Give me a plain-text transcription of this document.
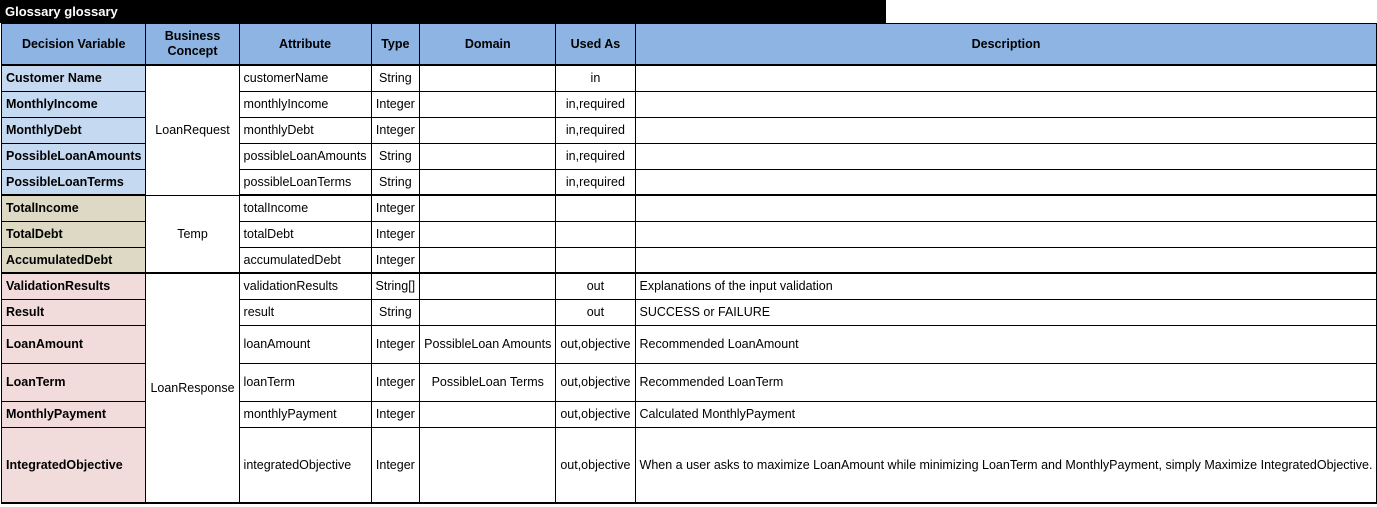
Glossary glossary
Decision Variable	Business Concept	Attribute	Type	Domain	Used As	Description
Customer Name	LoanRequest	customerName	String		in	
MonthlyIncome		monthlyIncome	Integer		in,required	
MonthlyDebt		monthlyDebt	Integer		in,required	
PossibleLoanAmounts		possibleLoanAmounts	String		in,required	
PossibleLoanTerms		possibleLoanTerms	String		in,required	
TotalIncome	Temp	totalIncome	Integer			
TotalDebt		totalDebt	Integer			
AccumulatedDebt		accumulatedDebt	Integer			
ValidationResults	LoanResponse	validationResults	String[]		out	Explanations of the input validation
Result		result	String		out	SUCCESS or FAILURE
LoanAmount		loanAmount	Integer	PossibleLoan Amounts	out,objective	Recommended LoanAmount
LoanTerm		loanTerm	Integer	PossibleLoan Terms	out,objective	Recommended LoanTerm
MonthlyPayment		monthlyPayment	Integer		out,objective	Calculated MonthlyPayment
IntegratedObjective		integratedObjective	Integer		out,objective	When a user asks to maximize LoanAmount while minimizing LoanTerm and MonthlyPayment, simply Maximize IntegratedObjective.
